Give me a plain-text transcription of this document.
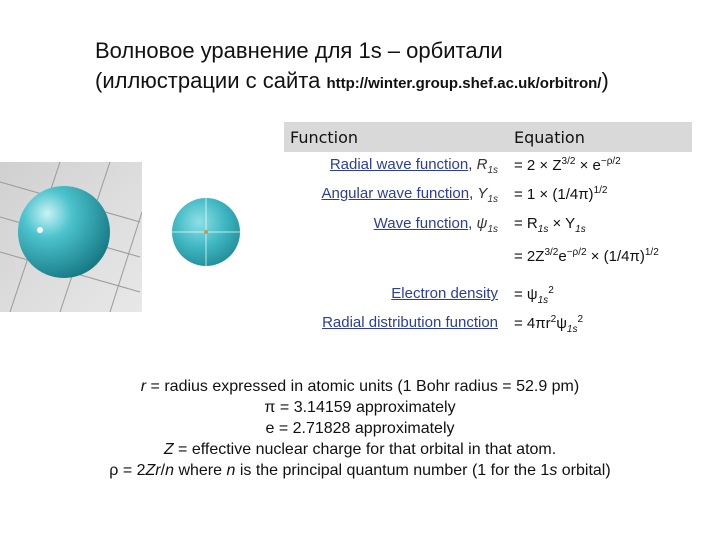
Волновое уравнение для 1s – орбитали
(иллюстрации с сайта http://winter.group.shef.ac.uk/orbitron/)
Function	Equation
Radial wave function, $R_{1s} = 2 \times Z^{3/2} \times e^{-\rho/2}$
Angular wave function, $Y_{1s} = 1 \times (1/4\pi)^{1/2}$
Wave function, $\psi_{1s} = R_{1s} \times Y_{1s}$
= $2Z^{3/2}e^{-\rho/2} \times (1/4\pi)^{1/2}$
Electron density = $\psi_{1s}^2$
Radial distribution function = $4\pi r^2\psi_{1s}^2$
r = radius expressed in atomic units (1 Bohr radius = 52.9 pm)
π = 3.14159 approximately
e = 2.71828 approximately
Z = effective nuclear charge for that orbital in that atom.
ρ = 2Zr/n where n is the principal quantum number (1 for the 1s orbital)
